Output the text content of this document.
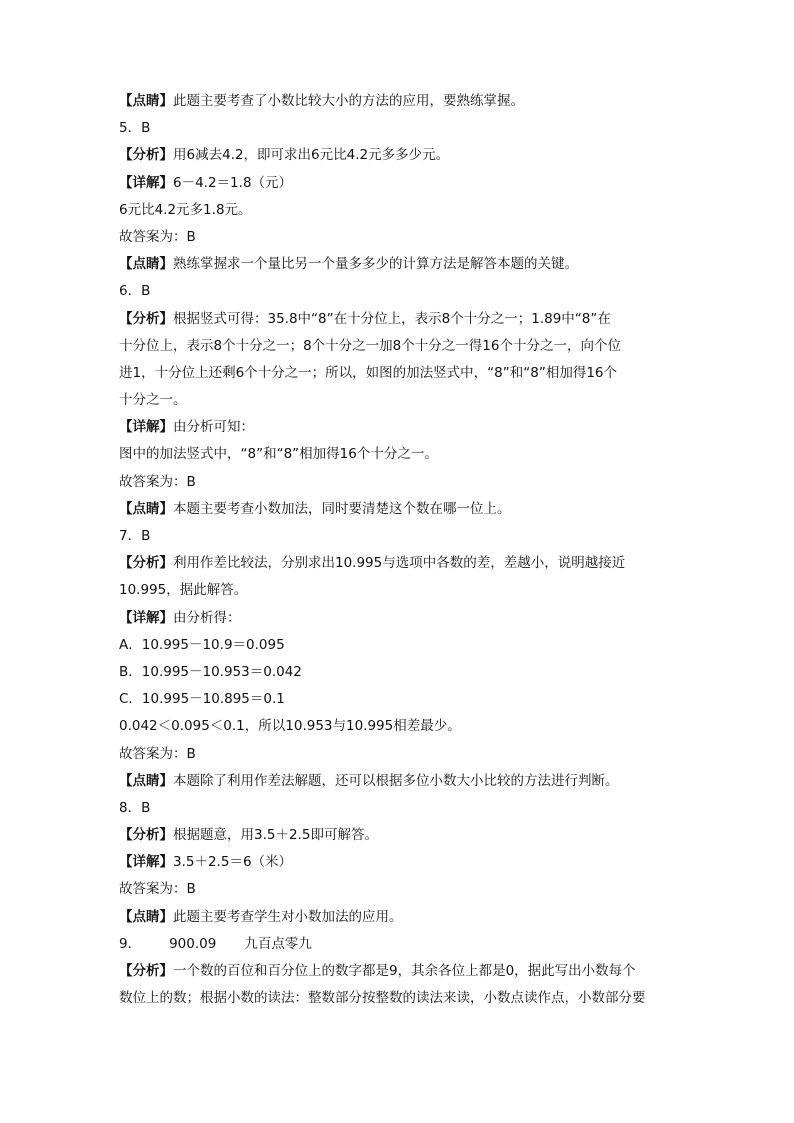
【点睛】此题主要考查了小数比较大小的方法的应用，要熟练掌握。
5．B
【分析】用6减去4.2，即可求出6元比4.2元多多少元。
【详解】6－4.2＝1.8（元）
6元比4.2元多1.8元。
故答案为：B
【点睛】熟练掌握求一个量比另一个量多多少的计算方法是解答本题的关键。
6．B
【分析】根据竖式可得：35.8中“8”在十分位上，表示8个十分之一；1.89中“8”在
十分位上，表示8个十分之一；8个十分之一加8个十分之一得16个十分之一，向个位
进1，十分位上还剩6个十分之一；所以，如图的加法竖式中，“8”和“8”相加得16个
十分之一。
【详解】由分析可知：
图中的加法竖式中，“8”和“8”相加得16个十分之一。
故答案为：B
【点睛】本题主要考查小数加法，同时要清楚这个数在哪一位上。
7．B
【分析】利用作差比较法，分别求出10.995与选项中各数的差，差越小，说明越接近
10.995，据此解答。
【详解】由分析得：
A．10.995－10.9＝0.095
B．10.995－10.953＝0.042
C．10.995－10.895＝0.1
0.042＜0.095＜0.1，所以10.953与10.995相差最少。
故答案为：B
【点睛】本题除了利用作差法解题，还可以根据多位小数大小比较的方法进行判断。
8．B
【分析】根据题意，用3.5＋2.5即可解答。
【详解】3.5＋2.5＝6（米）
故答案为：B
【点睛】此题主要考查学生对小数加法的应用。
9． 900.09 九百点零九
【分析】一个数的百位和百分位上的数字都是9，其余各位上都是0，据此写出小数每个
数位上的数；根据小数的读法：整数部分按整数的读法来读，小数点读作点，小数部分要
